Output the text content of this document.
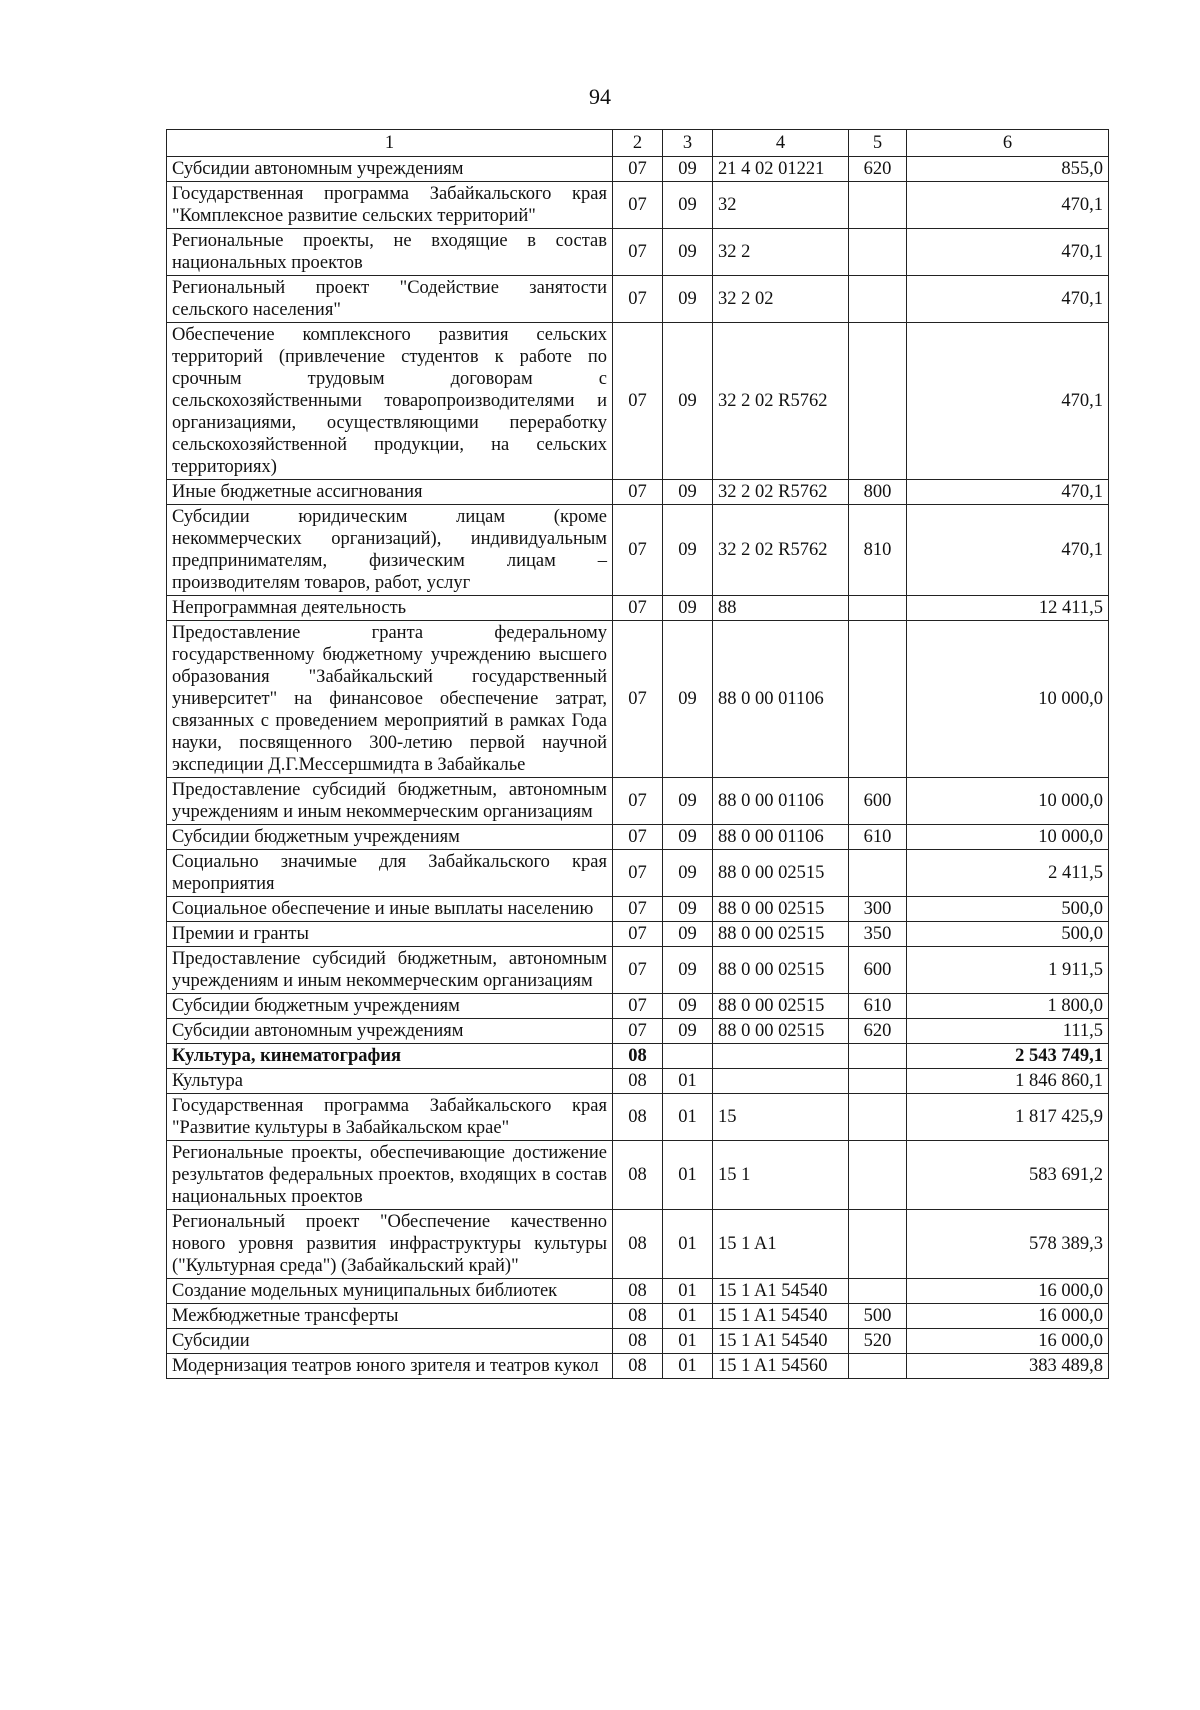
94
1	2	3	4	5	6
Субсидии автономным учреждениям	07	09	21 4 02 01221	620	855,0
Государственная программа Забайкальского края "Комплексное развитие сельских территорий"	07	09	32		470,1
Региональные проекты, не входящие в состав национальных проектов	07	09	32 2		470,1
Региональный проект "Содействие занятости сельского населения"	07	09	32 2 02		470,1
Обеспечение комплексного развития сельских территорий (привлечение студентов к работе по срочным трудовым договорам с сельскохозяйственными товаропроизводителями и организациями, осуществляющими переработку сельскохозяйственной продукции, на сельских территориях)	07	09	32 2 02 R5762		470,1
Иные бюджетные ассигнования	07	09	32 2 02 R5762	800	470,1
Субсидии юридическим лицам (кроме некоммерческих организаций), индивидуальным предпринимателям, физическим лицам – производителям товаров, работ, услуг	07	09	32 2 02 R5762	810	470,1
Непрограммная деятельность	07	09	88		12 411,5
Предоставление гранта федеральному государственному бюджетному учреждению высшего образования "Забайкальский государственный университет" на финансовое обеспечение затрат, связанных с проведением мероприятий в рамках Года науки, посвященного 300-летию первой научной экспедиции Д.Г.Мессершмидта в Забайкалье	07	09	88 0 00 01106		10 000,0
Предоставление субсидий бюджетным, автономным учреждениям и иным некоммерческим организациям	07	09	88 0 00 01106	600	10 000,0
Субсидии бюджетным учреждениям	07	09	88 0 00 01106	610	10 000,0
Социально значимые для Забайкальского края мероприятия	07	09	88 0 00 02515		2 411,5
Социальное обеспечение и иные выплаты населению	07	09	88 0 00 02515	300	500,0
Премии и гранты	07	09	88 0 00 02515	350	500,0
Предоставление субсидий бюджетным, автономным учреждениям и иным некоммерческим организациям	07	09	88 0 00 02515	600	1 911,5
Субсидии бюджетным учреждениям	07	09	88 0 00 02515	610	1 800,0
Субсидии автономным учреждениям	07	09	88 0 00 02515	620	111,5
Культура, кинематография	08				2 543 749,1
Культура	08	01			1 846 860,1
Государственная программа Забайкальского края "Развитие культуры в Забайкальском крае"	08	01	15		1 817 425,9
Региональные проекты, обеспечивающие достижение результатов федеральных проектов, входящих в состав национальных проектов	08	01	15 1		583 691,2
Региональный проект "Обеспечение качественно нового уровня развития инфраструктуры культуры ("Культурная среда") (Забайкальский край)"	08	01	15 1 A1		578 389,3
Создание модельных муниципальных библиотек	08	01	15 1 A1 54540		16 000,0
Межбюджетные трансферты	08	01	15 1 A1 54540	500	16 000,0
Субсидии	08	01	15 1 A1 54540	520	16 000,0
Модернизация театров юного зрителя и театров кукол	08	01	15 1 A1 54560		383 489,8
